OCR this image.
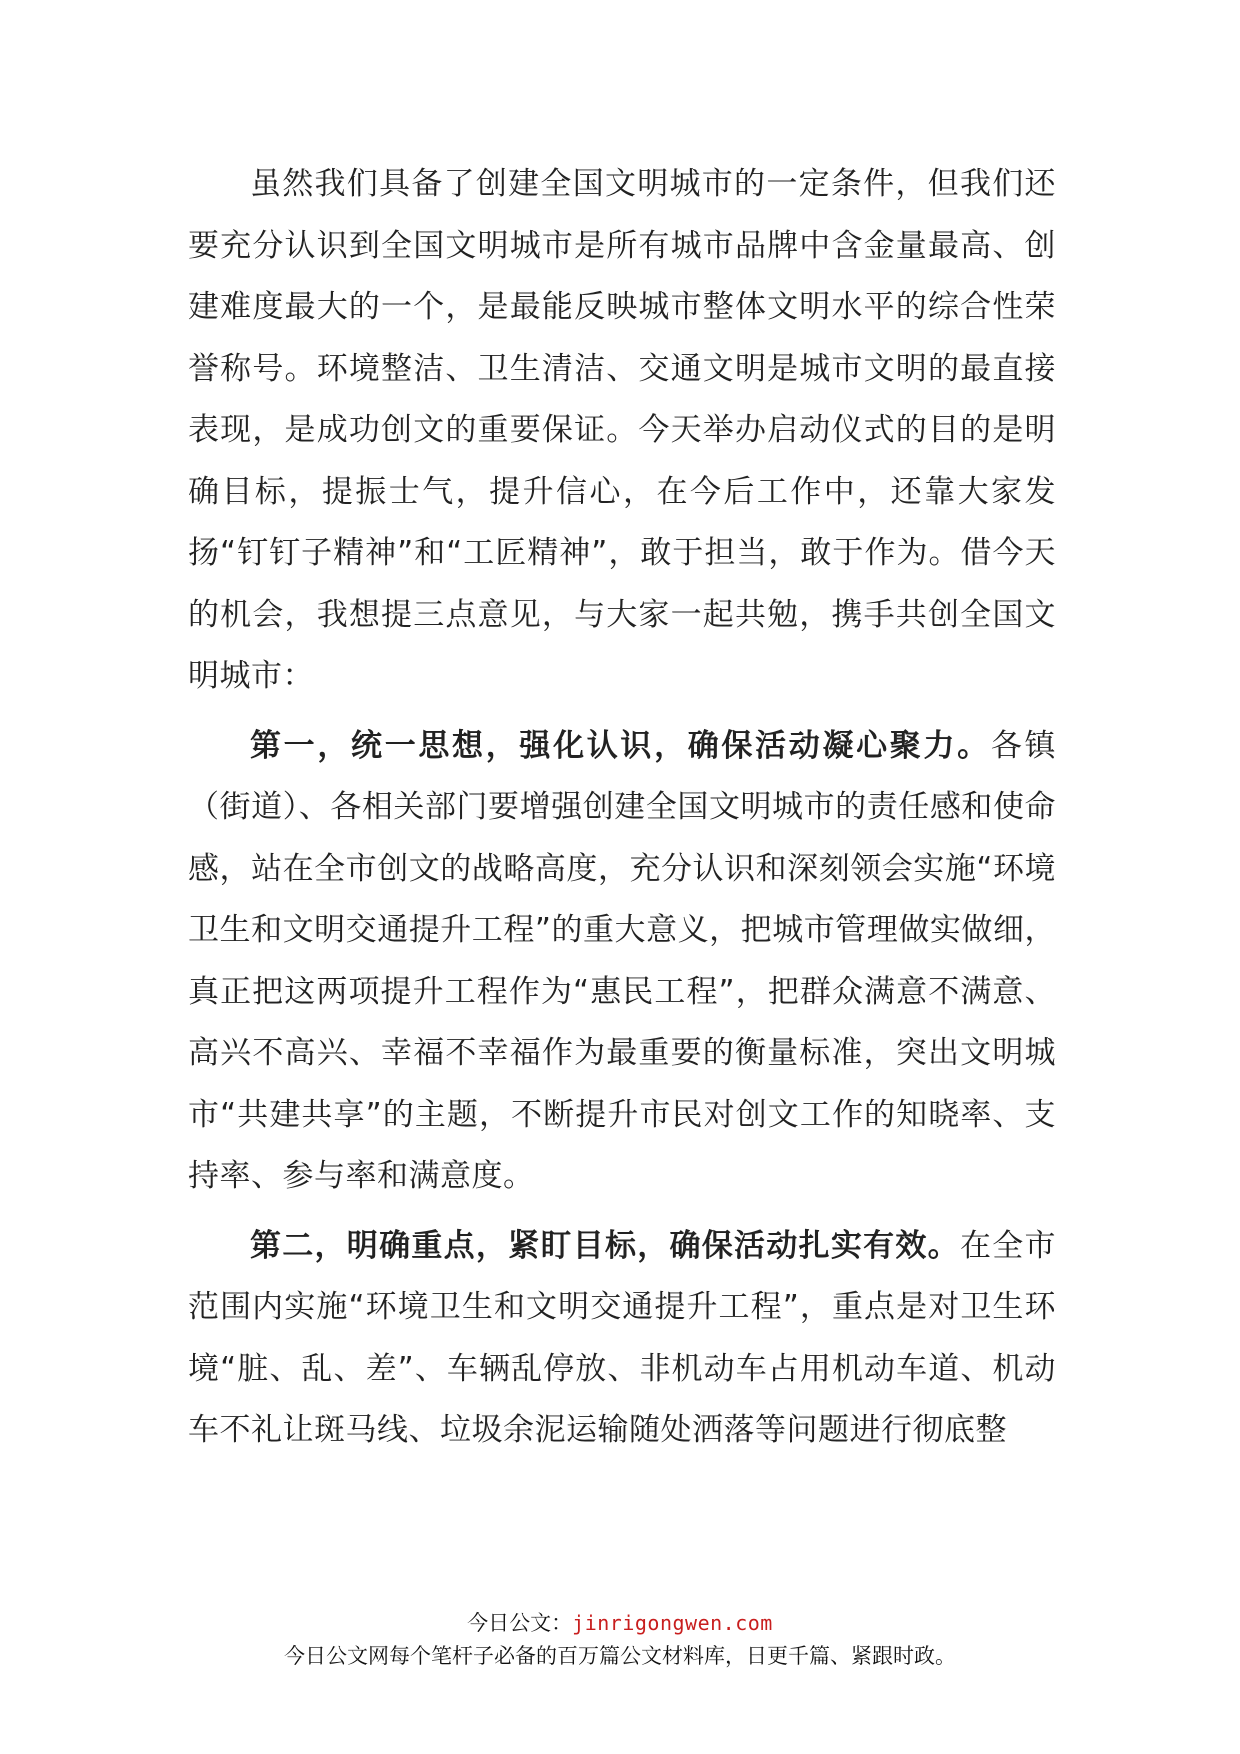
虽然我们具备了创建全国文明城市的一定条件，但我们还要充分认识到全国文明城市是所有城市品牌中含金量最高、创建难度最大的一个，是最能反映城市整体文明水平的综合性荣誉称号。环境整洁、卫生清洁、交通文明是城市文明的最直接表现，是成功创文的重要保证。今天举办启动仪式的目的是明确目标，提振士气，提升信心，在今后工作中，还靠大家发扬“钉钉子精神”和“工匠精神”，敢于担当，敢于作为。借今天的机会，我想提三点意见，与大家一起共勉，携手共创全国文明城市：

第一，统一思想，强化认识，确保活动凝心聚力。各镇（街道）、各相关部门要增强创建全国文明城市的责任感和使命感，站在全市创文的战略高度，充分认识和深刻领会实施“环境卫生和文明交通提升工程”的重大意义，把城市管理做实做细，真正把这两项提升工程作为“惠民工程”，把群众满意不满意、高兴不高兴、幸福不幸福作为最重要的衡量标准，突出文明城市“共建共享”的主题，不断提升市民对创文工作的知晓率、支持率、参与率和满意度。

第二，明确重点，紧盯目标，确保活动扎实有效。在全市范围内实施“环境卫生和文明交通提升工程”，重点是对卫生环境“脏、乱、差”、车辆乱停放、非机动车占用机动车道、机动车不礼让斑马线、垃圾余泥运输随处洒落等问题进行彻底整

今日公文：jinrigongwen.com
今日公文网每个笔杆子必备的百万篇公文材料库，日更千篇、紧跟时政。
